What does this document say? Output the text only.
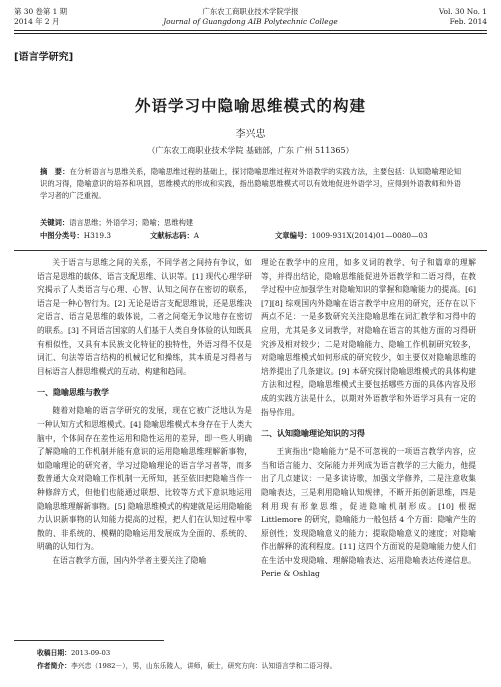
第 30 卷第 1 期
2014 年 2 月
广东农工商职业技术学院学报
Journal of Guangdong AIB Polytechnic College
Vol. 30 No. 1
Feb. 2014
[语言学研究]
外语学习中隐喻思维模式的构建
李兴忠
（广东农工商职业技术学院 基础部，广东 广州 511365）
摘　要：在分析语言与思维关系，隐喻思维过程的基础上，探讨隐喻思维过程对外语教学的实践方法，主要包括：认知隐喻理论知识的习得，隐喻意识的培养和巩固，思维模式的形成和实践，指出隐喻思维模式可以有效地促进外语学习，应得到外语教师和外语学习者的广泛重视。
关键词：语言思维；外语学习；隐喻；思维构建
中图分类号：H319.3	文献标志码：A	文章编号：1009-931X(2014)01—0080—03

关于语言与思维之间的关系，不同学者之间持有争议，如语言是思维的载体、语言支配思维、认识等。[1] 现代心理学研究揭示了人类语言与心理、心智、认知之间存在密切的联系，语言是一种心智行为。[2] 无论是语言支配思维说，还是思维决定语言、语言是思维的载体说，二者之间毫无争议地存在密切的联系。[3] 不同语言国家的人们基于人类自身体验的认知既具有相似性，又具有本民族文化特征的独特性，外语习得不仅是词汇、句法等语言结构的机械记忆和操练，其本质是习得者与目标语言人群思维模式的互动、构建和趋同。

一、隐喻思维与教学

随着对隐喻的语言学研究的发展，现在它被广泛地认为是一种认知方式和思维模式。[4] 隐喻思维模式本身存在于人类大脑中，个体间存在差性运用和隐性运用的差异，即一些人明确了解隐喻的工作机制并能有意识的运用隐喻思维理解新事物，如隐喻理论的研究者，学习过隐喻理论的语言学习者等，而多数普通大众对隐喻工作机制一无所知，甚至依旧把隐喻当作一种修辞方式，但他们也能通过联想、比较等方式下意识地运用隐喻思维理解新事物。[5] 隐喻思维模式的构建就是运用隐喻能力认识新事物的认知能力提高的过程，把人们在认知过程中零散的、非系统的、模糊的隐喻运用发展成为全面的、系统的、明确的认知行为。

在语言教学方面，国内外学者主要关注了隐喻

理论在教学中的应用，如多义词的教学、句子和篇章的理解等，并得出结论，隐喻思维能促进外语教学和二语习得，在教学过程中应加强学生对隐喻知识的掌握和隐喻能力的提高。[6][7][8] 综观国内外隐喻在语言教学中应用的研究，还存在以下两点不足：一是多数研究关注隐喻思维在词汇教学和习得中的应用，尤其是多义词教学，对隐喻在语言的其他方面的习得研究涉及相对较少；二是对隐喻能力、隐喻工作机制研究较多，对隐喻思维模式如何形成的研究较少，如主要仅对隐喻思维的培养提出了几条建议。[9] 本研究探讨隐喻思维模式的具体构建方法和过程，隐喻思维模式主要包括哪些方面的具体内容及形成的实践方法是什么，以期对外语教学和外语学习具有一定的指导作用。

二、认知隐喻理论知识的习得

王寅指出“隐喻能力”是不可忽视的一项语言教学内容，应当和语言能力、交际能力并列成为语言教学的三大能力，他提出了几点建议：一是多读诗歌，加强文学修养，二是注意收集隐喻表达，三是利用隐喻认知规律，不断开拓创新思维，四是利用现有形象思维，促进隐喻机制形成。[10] 根据 Littlemore 的研究，隐喻能力一般包括 4 个方面：隐喻产生的原创性；发现隐喻意义的能力；提取隐喻意义的速度；对隐喻作出解释的流利程度。[11] 这四个方面说的是隐喻能力使人们在生活中发现隐喻、理解隐喻表达、运用隐喻表达传递信息。Perie & Oshlag

收稿日期：2013-09-03
作者简介：李兴忠（1982－），男，山东乐陵人，讲师，硕士，研究方向：认知语言学和二语习得。
